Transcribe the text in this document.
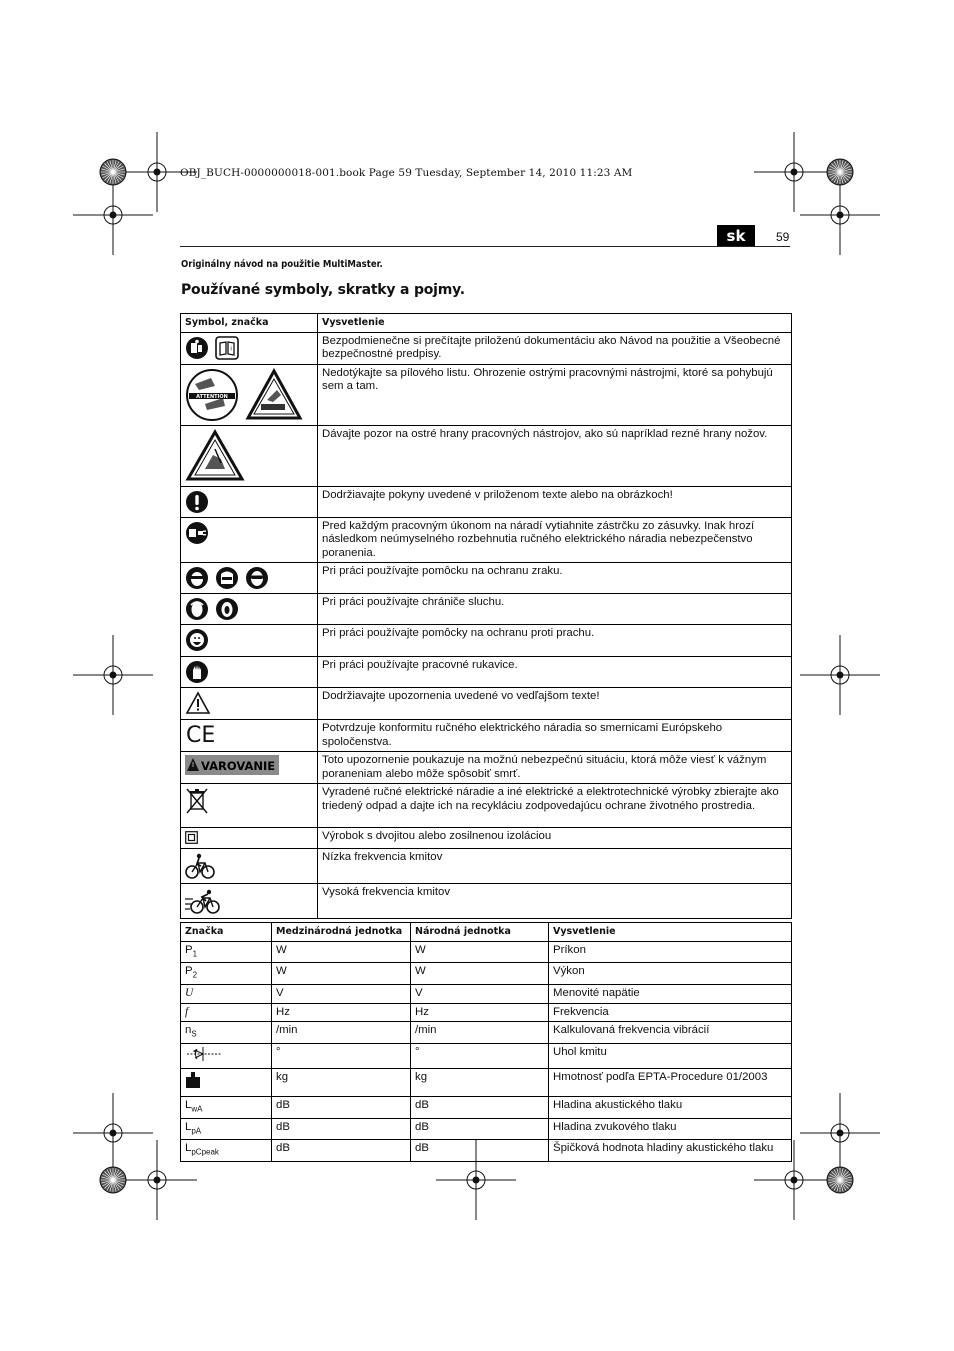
OBJ_BUCH-0000000018-001.book Page 59 Tuesday, September 14, 2010 11:23 AM
sk	59
Originálny návod na použitie MultiMaster.
Používané symboly, skratky a pojmy.
Symbol, značka	Vysvetlenie

i	Bezpodmienečne si prečítajte priloženú dokumentáciu ako Návod na použitie a Všeobecné bezpečnostné predpisy.

ATTENTION	Nedotýkajte sa pílového listu. Ohrozenie ostrými pracovnými nástrojmi, ktoré sa pohybujú sem a tam.
	Dávajte pozor na ostré hrany pracovných nástrojov, ako sú napríklad rezné hrany nožov.
	Dodržiavajte pokyny uvedené v priloženom texte alebo na obrázkoch!
	Pred každým pracovným úkonom na náradí vytiahnite zástrčku zo zásuvky. Inak hrozí následkom neúmyselného rozbehnutia ručného elektrického náradia nebezpečenstvo poranenia.
	Pri práci používajte pomôcku na ochranu zraku.
	Pri práci používajte chrániče sluchu.
	Pri práci používajte pomôcky na ochranu proti prachu.
	Pri práci používajte pracovné rukavice.
	Dodržiavajte upozornenia uvedené vo vedľajšom texte!

CE	Potvrdzuje konformitu ručného elektrického náradia so smernicami Európskeho spoločenstva.

VAROVANIE	Toto upozornenie poukazuje na možnú nebezpečnú situáciu, ktorá môže viesť k vážnym poraneniam alebo môže spôsobiť smrť.
	Vyradené ručné elektrické náradie a iné elektrické a elektrotechnické výrobky zbierajte ako triedený odpad a dajte ich na recykláciu zodpovedajúcu ochrane životného prostredia.
	Výrobok s dvojitou alebo zosilnenou izoláciou
	Nízka frekvencia kmitov
	Vysoká frekvencia kmitov
Značka	Medzinárodná jednotka	Národná jednotka	Vysvetlenie
$P_1$	W	W	Príkon
$P_2$	W	W	Výkon
U	V	V	Menovité napätie
f	Hz	Hz	Frekvencia
$n_S$	/min	/min	Kalkulovaná frekvencia vibrácií
	°	°	Uhol kmitu
	kg	kg	Hmotnosť podľa EPTA-Procedure 01/2003
$L_{wA}$	dB	dB	Hladina akustického tlaku
$L_{pA}$	dB	dB	Hladina zvukového tlaku
$L_{pCpeak}$	dB	dB	Špičková hodnota hladiny akustického tlaku
